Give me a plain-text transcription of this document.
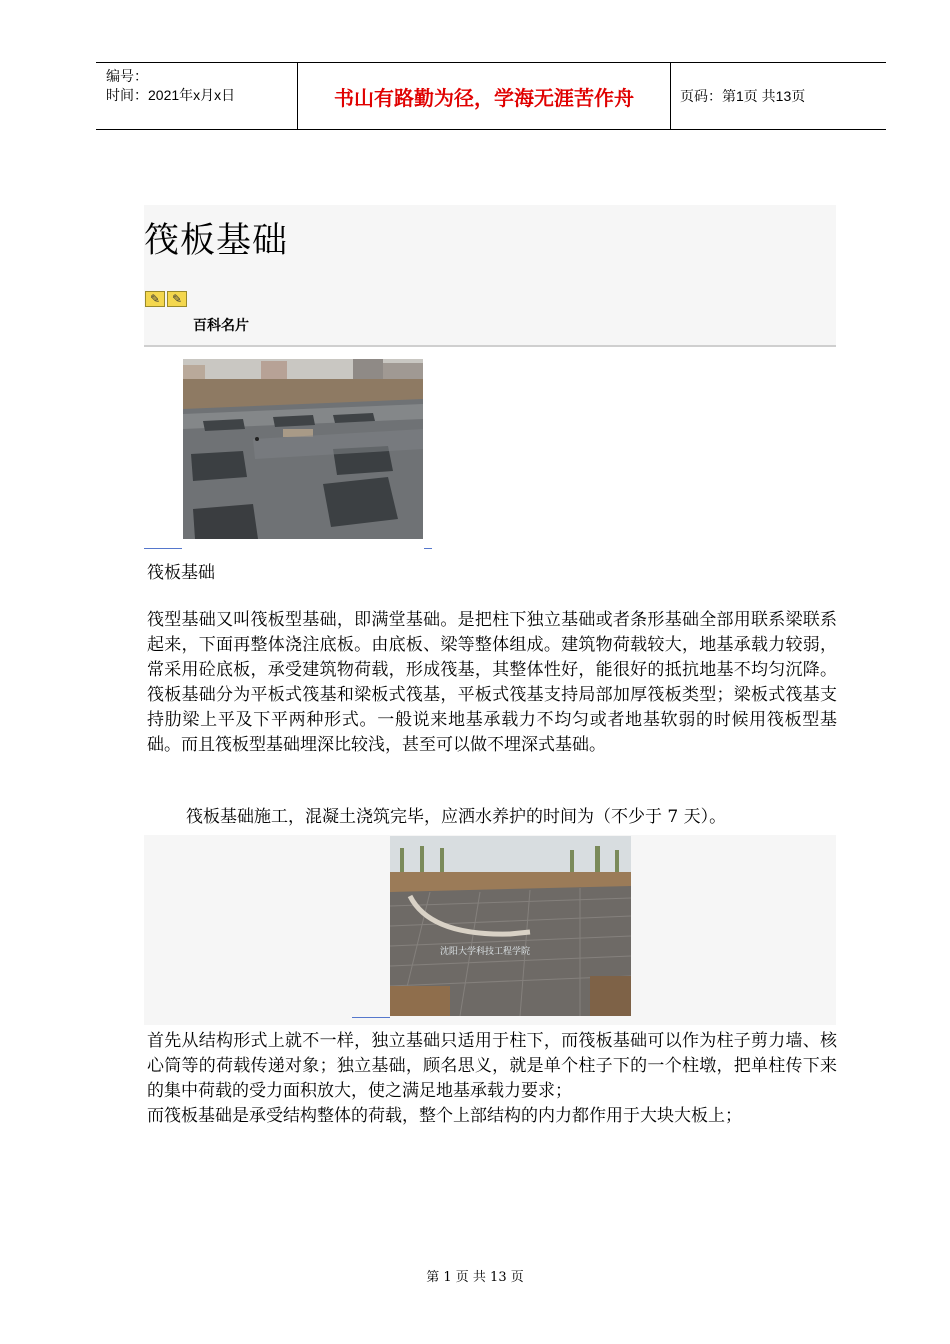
编号：
时间：2021年x月x日	书山有路勤为径，学海无涯苦作舟	页码：第1页 共13页
筏板基础
✎ ✎
百科名片
筏板基础
筏型基础又叫筏板型基础，即满堂基础。是把柱下独立基础或者条形基础全部用联系梁联系起来，下面再整体浇注底板。由底板、梁等整体组成。建筑物荷载较大，地基承载力较弱，常采用砼底板，承受建筑物荷载，形成筏基，其整体性好，能很好的抵抗地基不均匀沉降。筏板基础分为平板式筏基和梁板式筏基，平板式筏基支持局部加厚筏板类型；梁板式筏基支持肋梁上平及下平两种形式。一般说来地基承载力不均匀或者地基软弱的时候用筏板型基础。而且筏板型基础埋深比较浅，甚至可以做不埋深式基础。
筏板基础施工，混凝土浇筑完毕，应洒水养护的时间为（不少于 7 天）。
沈阳大学科技工程学院
首先从结构形式上就不一样，独立基础只适用于柱下，而筏板基础可以作为柱子剪力墙、核心筒等的荷载传递对象；独立基础，顾名思义，就是单个柱子下的一个柱墩，把单柱传下来的集中荷载的受力面积放大，使之满足地基承载力要求；
而筏板基础是承受结构整体的荷载，整个上部结构的内力都作用于大块大板上；
第 1 页 共 13 页
